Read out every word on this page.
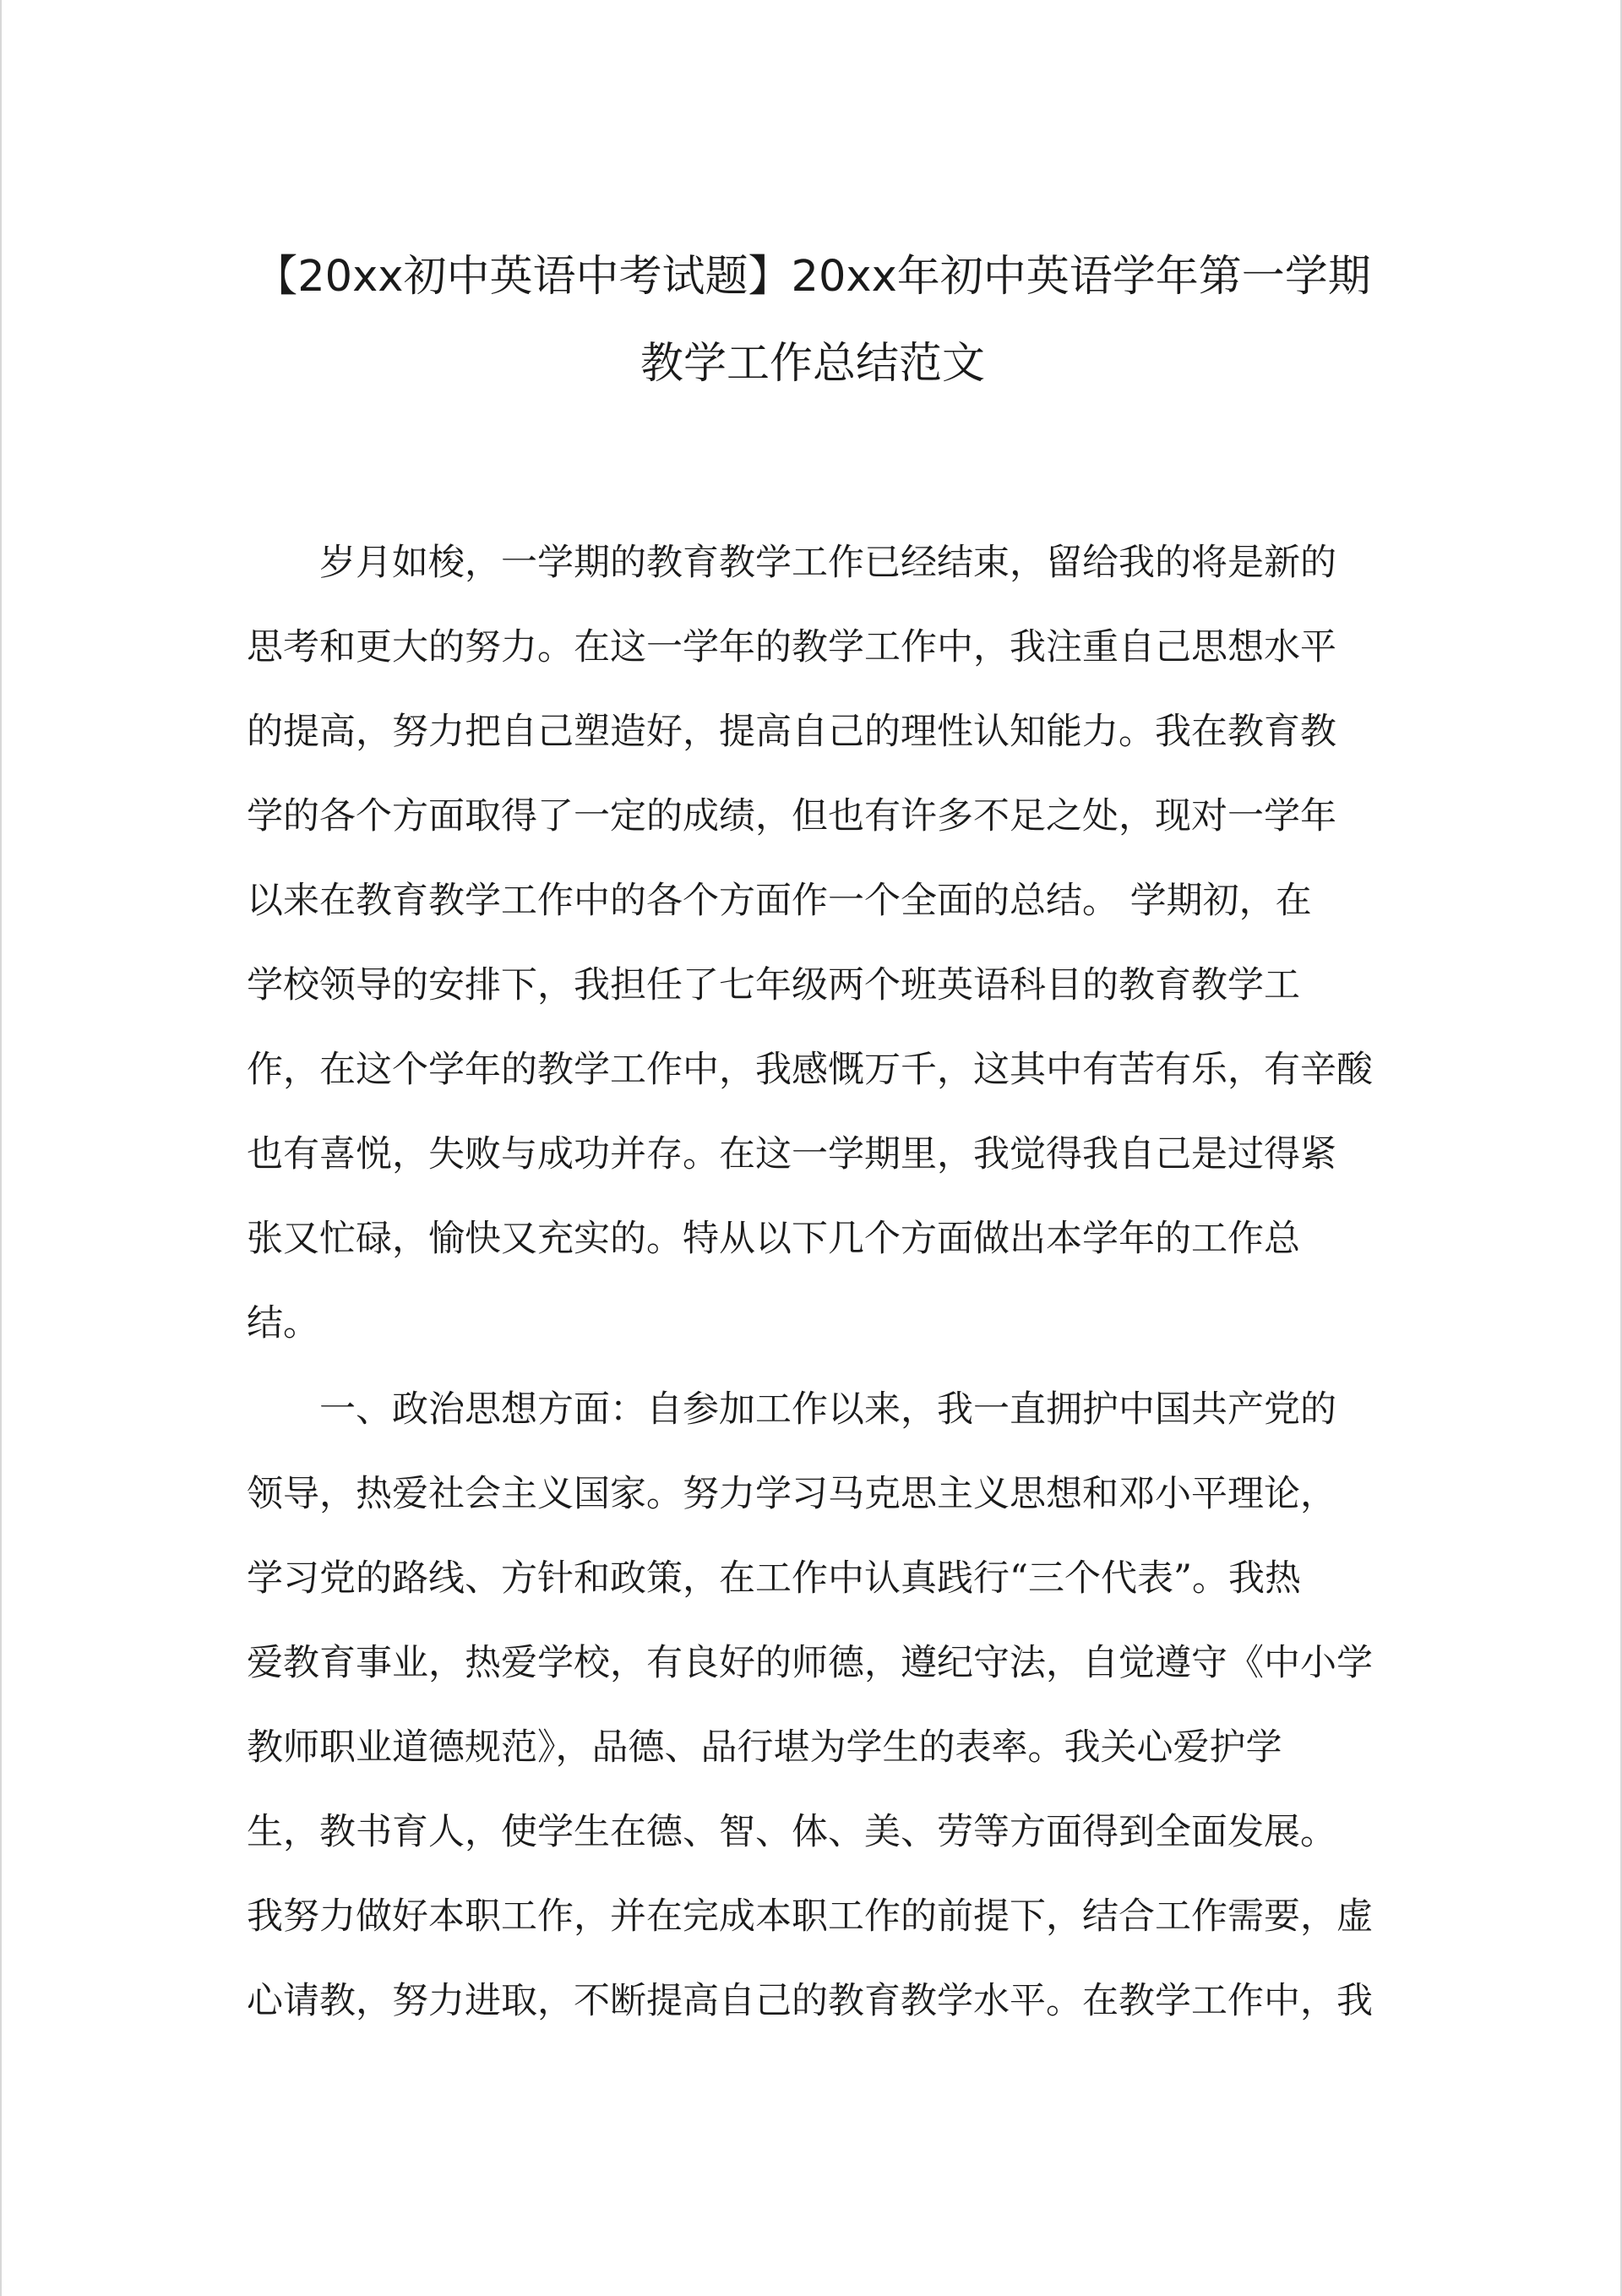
【20xx初中英语中考试题】20xx年初中英语学年第一学期
教学工作总结范文
　　岁月如梭，一学期的教育教学工作已经结束，留给我的将是新的
思考和更大的努力。在这一学年的教学工作中，我注重自己思想水平
的提高，努力把自己塑造好，提高自己的理性认知能力。我在教育教
学的各个方面取得了一定的成绩，但也有许多不足之处，现对一学年
以来在教育教学工作中的各个方面作一个全面的总结。 学期初，在
学校领导的安排下，我担任了七年级两个班英语科目的教育教学工
作，在这个学年的教学工作中，我感慨万千，这其中有苦有乐，有辛酸
也有喜悦，失败与成功并存。在这一学期里，我觉得我自己是过得紧
张又忙碌，愉快又充实的。特从以下几个方面做出本学年的工作总
结。
　　一、政治思想方面：自参加工作以来，我一直拥护中国共产党的
领导，热爱社会主义国家。努力学习马克思主义思想和邓小平理论，
学习党的路线、方针和政策，在工作中认真践行“三个代表”。我热
爱教育事业，热爱学校，有良好的师德，遵纪守法，自觉遵守《中小学
教师职业道德规范》，品德、品行堪为学生的表率。我关心爱护学
生，教书育人，使学生在德、智、体、美、劳等方面得到全面发展。
我努力做好本职工作，并在完成本职工作的前提下，结合工作需要，虚
心请教，努力进取，不断提高自己的教育教学水平。在教学工作中，我
